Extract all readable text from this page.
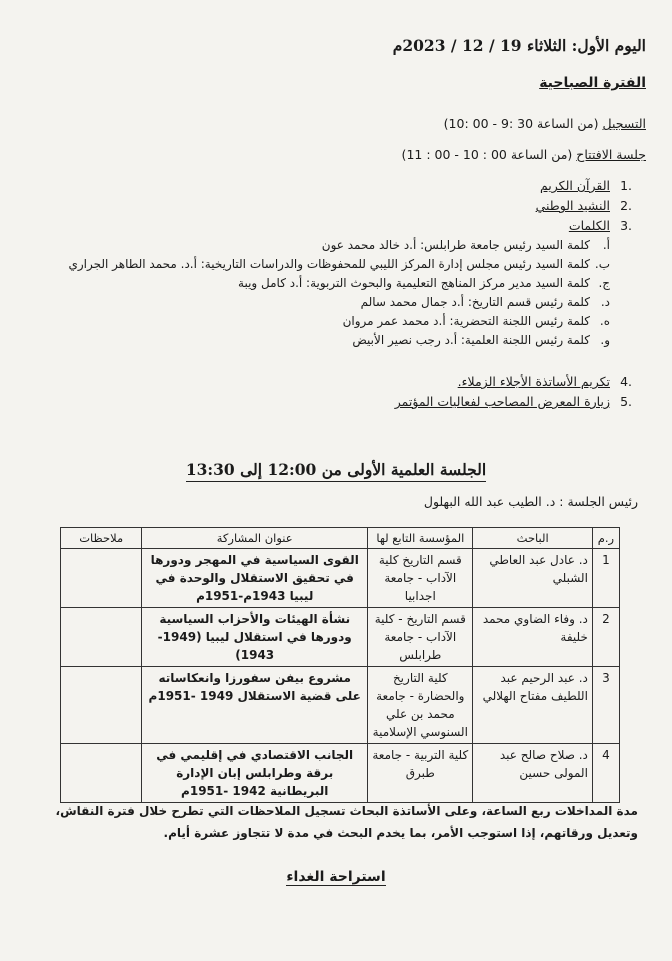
اليوم الأول: الثلاثاء 19 / 12 / 2023م
الفترة الصباحية
التسجيل (من الساعة 30 :9 - 00 :10)
جلسة الافتتاح (من الساعة 00 : 10 - 00 : 11)
.1
القرآن الكريم
.2
النشيد الوطني
.3
الكلمات
أ.
كلمة السيد رئيس جامعة طرابلس: أ.د خالد محمد عون
ب.
كلمة السيد رئيس مجلس إدارة المركز الليبي للمحفوظات والدراسات التاريخية: أ.د. محمد الطاهر الجراري
ج.
كلمة السيد مدير مركز المناهج التعليمية والبحوث التربوية: أ.د كامل ويبة
د.
كلمة رئيس قسم التاريخ: أ.د جمال محمد سالم
ه.
كلمة رئيس اللجنة التحضرية: أ.د محمد عمر مروان
و.
كلمة رئيس اللجنة العلمية: أ.د رجب نصير الأبيض
.4
تكريم الأساتذة الأجلاء الزملاء.
.5
زيارة المعرض المصاحب لفعاليات المؤتمر
الجلسة العلمية الأولى من 12:00 إلى 13:30
رئيس الجلسة : د. الطيب عبد الله البهلول
ر.م	الباحث	المؤسسة التابع لها	عنوان المشاركة	ملاحظات
1	د. عادل عبد العاطي الشبلي	قسم التاريخ كلية الآداب - جامعة اجدابيا	القوى السياسية في المهجر ودورها في تحقيق الاستقلال والوحدة في ليبيا 1943م-1951م	
2	د. وفاء الضاوي محمد خليفة	قسم التاريخ - كلية الآداب - جامعة طرابلس	نشأة الهيئات والأحزاب السياسية ودورها في استقلال ليبيا (1949-1943)	
3	د. عبد الرحيم عبد اللطيف مفتاح الهلالي	كلية التاريخ والحضارة - جامعة محمد بن علي السنوسي الإسلامية	مشروع بيفن سفورزا وانعكاساته على قضية الاستقلال 1949 -1951م	
4	د. صلاح صالح عبد المولى حسين	كلية التربية - جامعة طبرق	الجانب الاقتصادي في إقليمي في برقة وطرابلس إبان الإدارة البريطانية 1942 -1951م	
مدة المداخلات ربع الساعة، وعلى الأساتذة البحاث تسجيل الملاحظات التي تطرح خلال فترة النقاش، وتعديل ورقاتهم، إذا استوجب الأمر، بما يخدم البحث في مدة لا تتجاوز عشرة أيام.
استراحة الغداء
